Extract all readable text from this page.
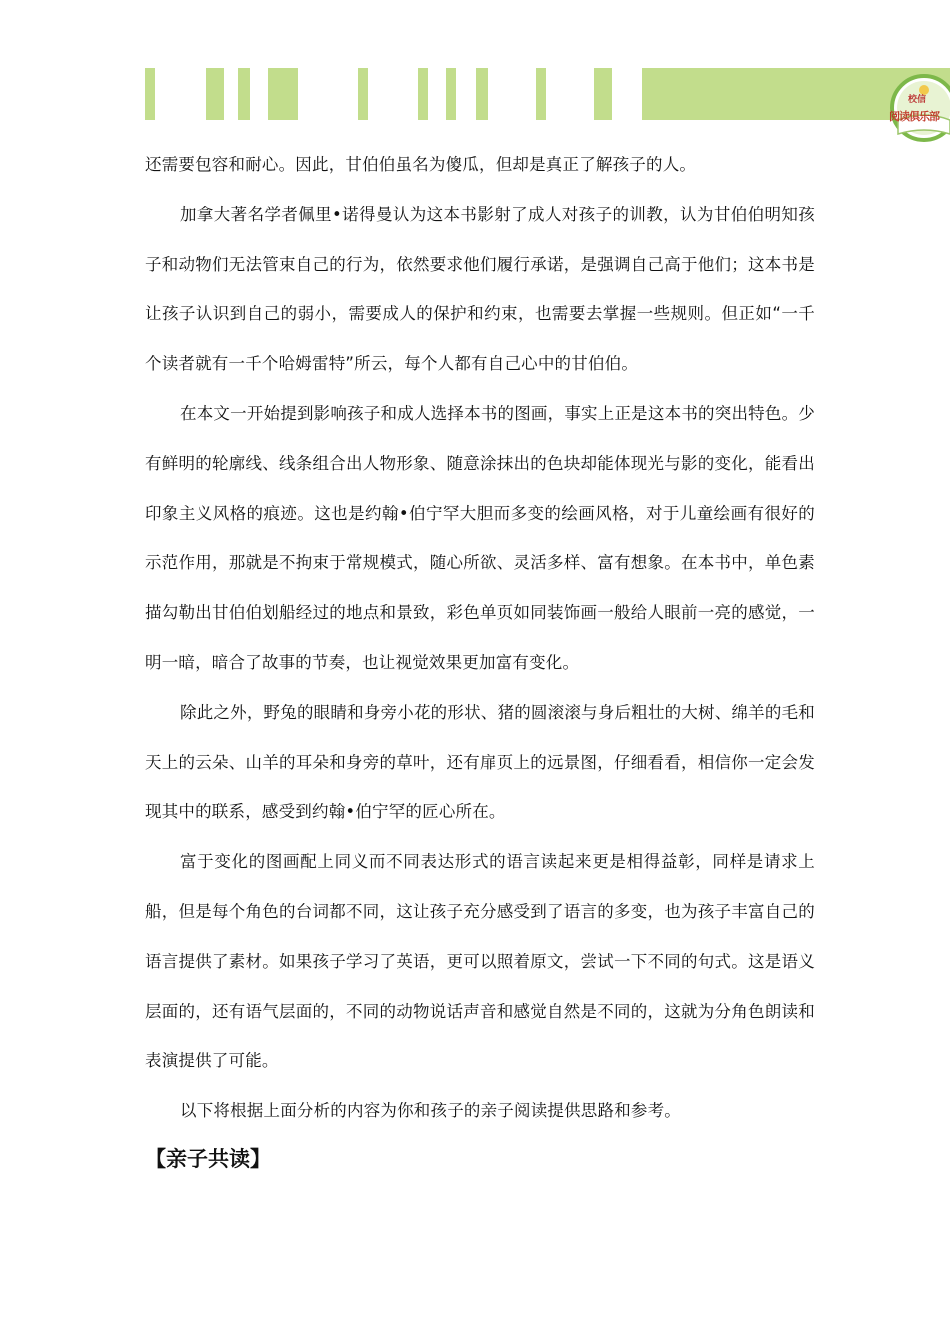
校信
阅读俱乐部

还需要包容和耐心。因此，甘伯伯虽名为傻瓜，但却是真正了解孩子的人。

加拿大著名学者佩里•诺得曼认为这本书影射了成人对孩子的训教，认为甘伯伯明知孩子和动物们无法管束自己的行为，依然要求他们履行承诺，是强调自己高于他们；这本书是让孩子认识到自己的弱小，需要成人的保护和约束，也需要去掌握一些规则。但正如“一千个读者就有一千个哈姆雷特”所云，每个人都有自己心中的甘伯伯。

在本文一开始提到影响孩子和成人选择本书的图画，事实上正是这本书的突出特色。少有鲜明的轮廓线、线条组合出人物形象、随意涂抹出的色块却能体现光与影的变化，能看出印象主义风格的痕迹。这也是约翰•伯宁罕大胆而多变的绘画风格，对于儿童绘画有很好的示范作用，那就是不拘束于常规模式，随心所欲、灵活多样、富有想象。在本书中，单色素描勾勒出甘伯伯划船经过的地点和景致，彩色单页如同装饰画一般给人眼前一亮的感觉，一明一暗，暗合了故事的节奏，也让视觉效果更加富有变化。

除此之外，野兔的眼睛和身旁小花的形状、猪的圆滚滚与身后粗壮的大树、绵羊的毛和天上的云朵、山羊的耳朵和身旁的草叶，还有扉页上的远景图，仔细看看，相信你一定会发现其中的联系，感受到约翰•伯宁罕的匠心所在。

富于变化的图画配上同义而不同表达形式的语言读起来更是相得益彰，同样是请求上船，但是每个角色的台词都不同，这让孩子充分感受到了语言的多变，也为孩子丰富自己的语言提供了素材。如果孩子学习了英语，更可以照着原文，尝试一下不同的句式。这是语义层面的，还有语气层面的，不同的动物说话声音和感觉自然是不同的，这就为分角色朗读和表演提供了可能。

以下将根据上面分析的内容为你和孩子的亲子阅读提供思路和参考。

【亲子共读】
